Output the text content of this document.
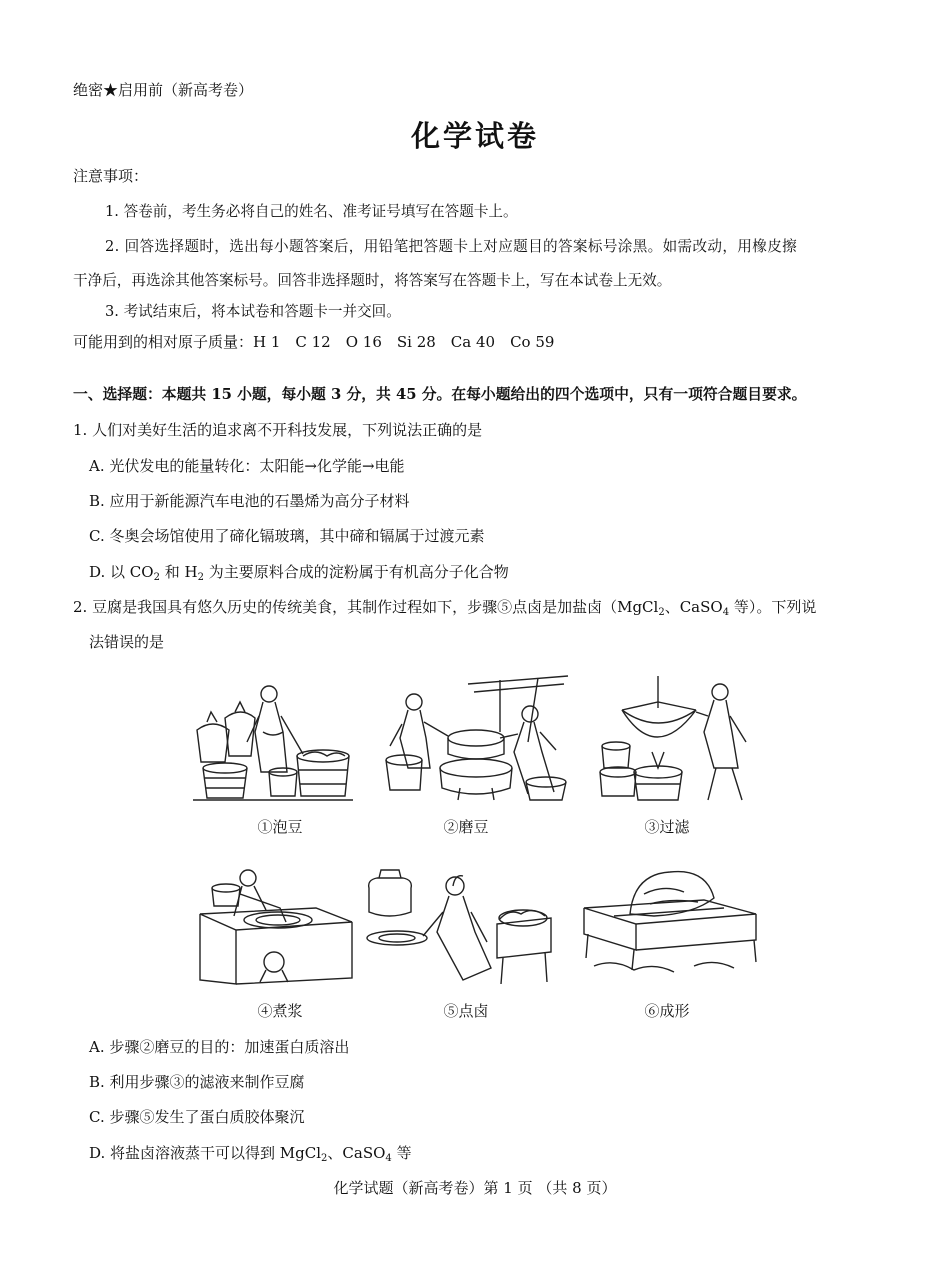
绝密★启用前（新高考卷）
化学试卷
注意事项：
1. 答卷前，考生务必将自己的姓名、准考证号填写在答题卡上。
2. 回答选择题时，选出每小题答案后，用铅笔把答题卡上对应题目的答案标号涂黑。如需改动，用橡皮擦
干净后，再选涂其他答案标号。回答非选择题时，将答案写在答题卡上，写在本试卷上无效。
3. 考试结束后，将本试卷和答题卡一并交回。
可能用到的相对原子质量：H 1　C 12　O 16　Si 28　Ca 40　Co 59
一、选择题：本题共 15 小题，每小题 3 分，共 45 分。在每小题给出的四个选项中，只有一项符合题目要求。
1. 人们对美好生活的追求离不开科技发展，下列说法正确的是
A. 光伏发电的能量转化：太阳能→化学能→电能
B. 应用于新能源汽车电池的石墨烯为高分子材料
C. 冬奥会场馆使用了碲化镉玻璃，其中碲和镉属于过渡元素
D. 以 $CO_2$ 和 $H_2$ 为主要原料合成的淀粉属于有机高分子化合物
2. 豆腐是我国具有悠久历史的传统美食，其制作过程如下，步骤⑤点卤是加盐卤（MgCl$_2$、CaSO$_4$ 等）。下列说
法错误的是
①泡豆	②磨豆	③过滤
④煮浆	⑤点卤	⑥成形
A. 步骤②磨豆的目的：加速蛋白质溶出
B. 利用步骤③的滤液来制作豆腐
C. 步骤⑤发生了蛋白质胶体聚沉
D. 将盐卤溶液蒸干可以得到 MgCl$_2$、CaSO$_4$ 等
化学试题（新高考卷）第 1 页 （共 8 页）
